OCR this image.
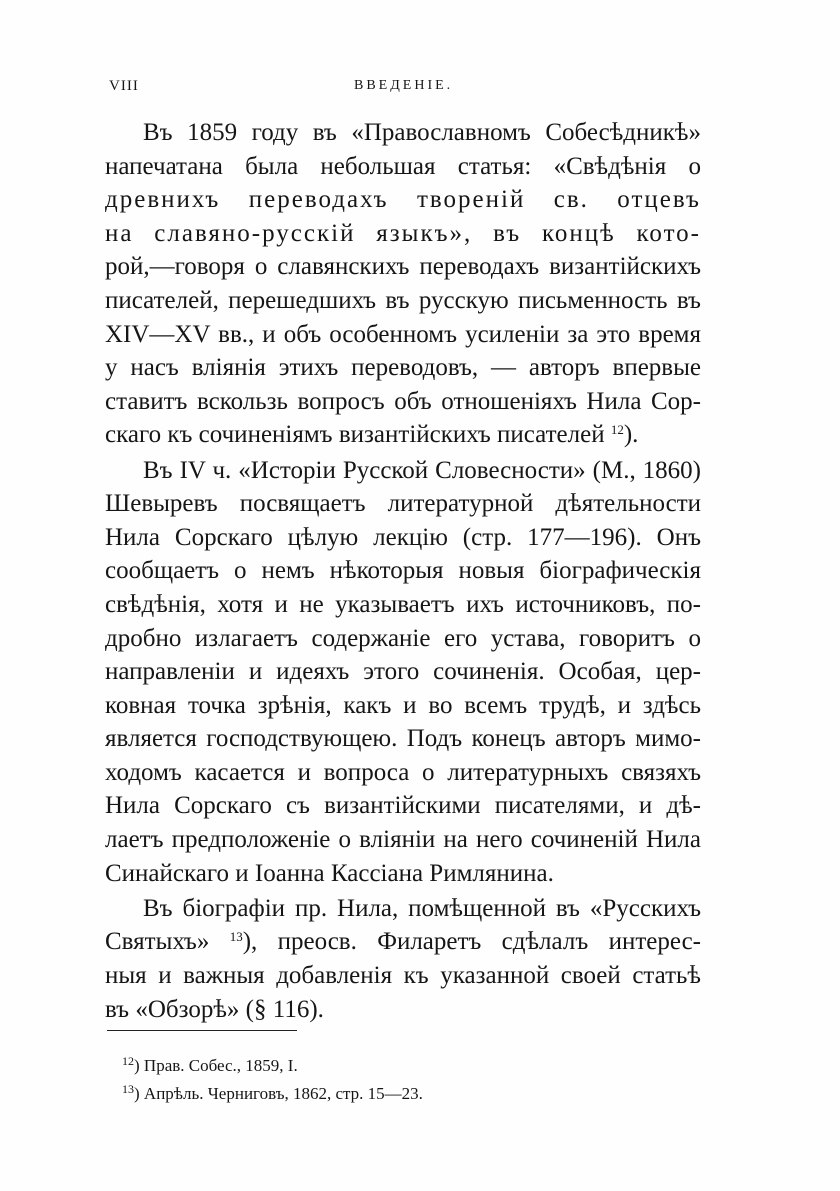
VIII	ВВЕДЕНІЕ.
Въ 1859 году въ «Православномъ Собесѣдникѣ»
напечатана была небольшая статья: «Свѣдѣнія о
древнихъ переводахъ твореній св. отцевъ
на славяно-русскій языкъ», въ концѣ кото-
рой,—говоря о славянскихъ переводахъ византійскихъ
писателей, перешедшихъ въ русскую письменность въ
XIV—XV вв., и объ особенномъ усиленіи за это время
у насъ вліянія этихъ переводовъ, — авторъ впервые
ставитъ вскользь вопросъ объ отношеніяхъ Нила Сор-
скаго къ сочиненіямъ византійскихъ писателей $^{12}$).
Въ IV ч. «Исторіи Русской Словесности» (М., 1860)
Шевыревъ посвящаетъ литературной дѣятельности
Нила Сорскаго цѣлую лекцію (стр. 177—196). Онъ
сообщаетъ о немъ нѣкоторыя новыя біографическія
свѣдѣнія, хотя и не указываетъ ихъ источниковъ, по-
дробно излагаетъ содержаніе его устава, говоритъ о
направленіи и идеяхъ этого сочиненія. Особая, цер-
ковная точка зрѣнія, какъ и во всемъ трудѣ, и здѣсь
является господствующею. Подъ конецъ авторъ мимо-
ходомъ касается и вопроса о литературныхъ связяхъ
Нила Сорскаго съ византійскими писателями, и дѣ-
лаетъ предположеніе о вліяніи на него сочиненій Нила
Синайскаго и Іоанна Кассіана Римлянина.
Въ біографіи пр. Нила, помѣщенной въ «Русскихъ
Святыхъ» $^{13}$), преосв. Филаретъ сдѣлалъ интерес-
ныя и важныя добавленія къ указанной своей статьѣ
въ «Обзорѣ» (§ 116).
$^{12}$) Прав. Собес., 1859, I.
$^{13}$) Апрѣль. Черниговъ, 1862, стр. 15—23.
